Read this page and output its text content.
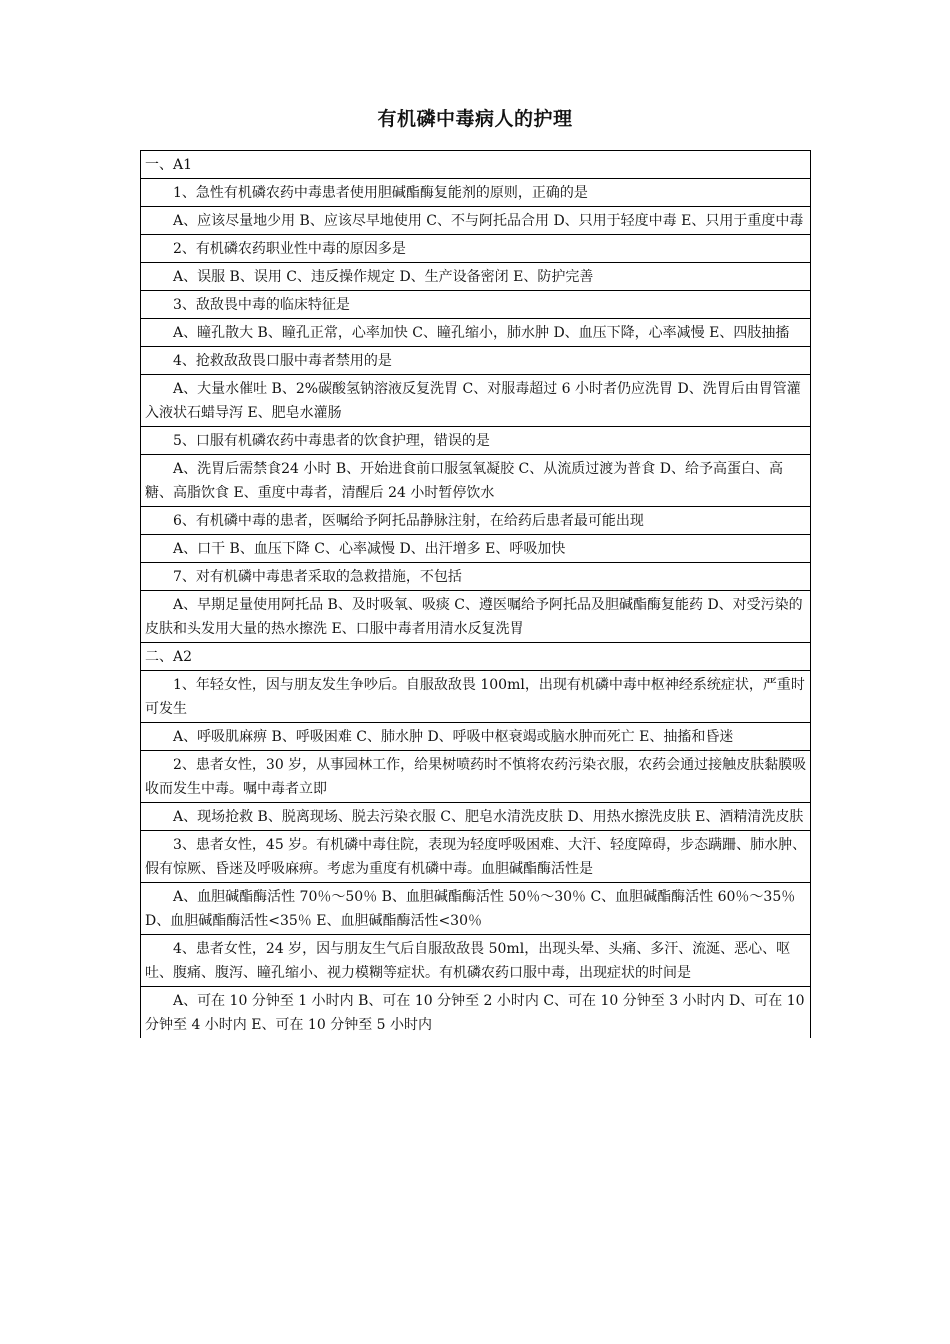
有机磷中毒病人的护理
一、A1
1、急性有机磷农药中毒患者使用胆碱酯酶复能剂的原则，正确的是
A、应该尽量地少用 B、应该尽早地使用 C、不与阿托品合用 D、只用于轻度中毒 E、只用于重度中毒
2、有机磷农药职业性中毒的原因多是
A、误服 B、误用 C、违反操作规定 D、生产设备密闭 E、防护完善
3、敌敌畏中毒的临床特征是
A、瞳孔散大 B、瞳孔正常，心率加快 C、瞳孔缩小，肺水肿 D、血压下降，心率减慢 E、四肢抽搐
4、抢救敌敌畏口服中毒者禁用的是
A、大量水催吐 B、2%碳酸氢钠溶液反复洗胃 C、对服毒超过 6 小时者仍应洗胃 D、洗胃后由胃管灌入液状石蜡导泻 E、肥皂水灌肠
5、口服有机磷农药中毒患者的饮食护理，错误的是
A、洗胃后需禁食24 小时 B、开始进食前口服氢氧凝胶 C、从流质过渡为普食 D、给予高蛋白、高糖、高脂饮食 E、重度中毒者，清醒后 24 小时暂停饮水
6、有机磷中毒的患者，医嘱给予阿托品静脉注射，在给药后患者最可能出现
A、口干 B、血压下降 C、心率减慢 D、出汗增多 E、呼吸加快
7、对有机磷中毒患者采取的急救措施，不包括
A、早期足量使用阿托品 B、及时吸氧、吸痰 C、遵医嘱给予阿托品及胆碱酯酶复能药 D、对受污染的皮肤和头发用大量的热水擦洗 E、口服中毒者用清水反复洗胃
二、A2
1、年轻女性，因与朋友发生争吵后。自服敌敌畏 100ml，出现有机磷中毒中枢神经系统症状，严重时可发生
A、呼吸肌麻痹 B、呼吸困难 C、肺水肿 D、呼吸中枢衰竭或脑水肿而死亡 E、抽搐和昏迷
2、患者女性，30 岁，从事园林工作，给果树喷药时不慎将农药污染衣服，农药会通过接触皮肤黏膜吸收而发生中毒。嘱中毒者立即
A、现场抢救 B、脱离现场、脱去污染衣服 C、肥皂水清洗皮肤 D、用热水擦洗皮肤 E、酒精清洗皮肤
3、患者女性，45 岁。有机磷中毒住院，表现为轻度呼吸困难、大汗、轻度障碍，步态蹒跚、肺水肿、假有惊厥、昏迷及呼吸麻痹。考虑为重度有机磷中毒。血胆碱酯酶活性是
A、血胆碱酯酶活性 70％～50％ B、血胆碱酯酶活性 50％～30％ C、血胆碱酯酶活性 60％～35％ D、血胆碱酯酶活性<35％ E、血胆碱酯酶活性<30％
4、患者女性，24 岁，因与朋友生气后自服敌敌畏 50ml，出现头晕、头痛、多汗、流涎、恶心、呕吐、腹痛、腹泻、瞳孔缩小、视力模糊等症状。有机磷农药口服中毒，出现症状的时间是
A、可在 10 分钟至 1 小时内 B、可在 10 分钟至 2 小时内 C、可在 10 分钟至 3 小时内 D、可在 10 分钟至 4 小时内 E、可在 10 分钟至 5 小时内
